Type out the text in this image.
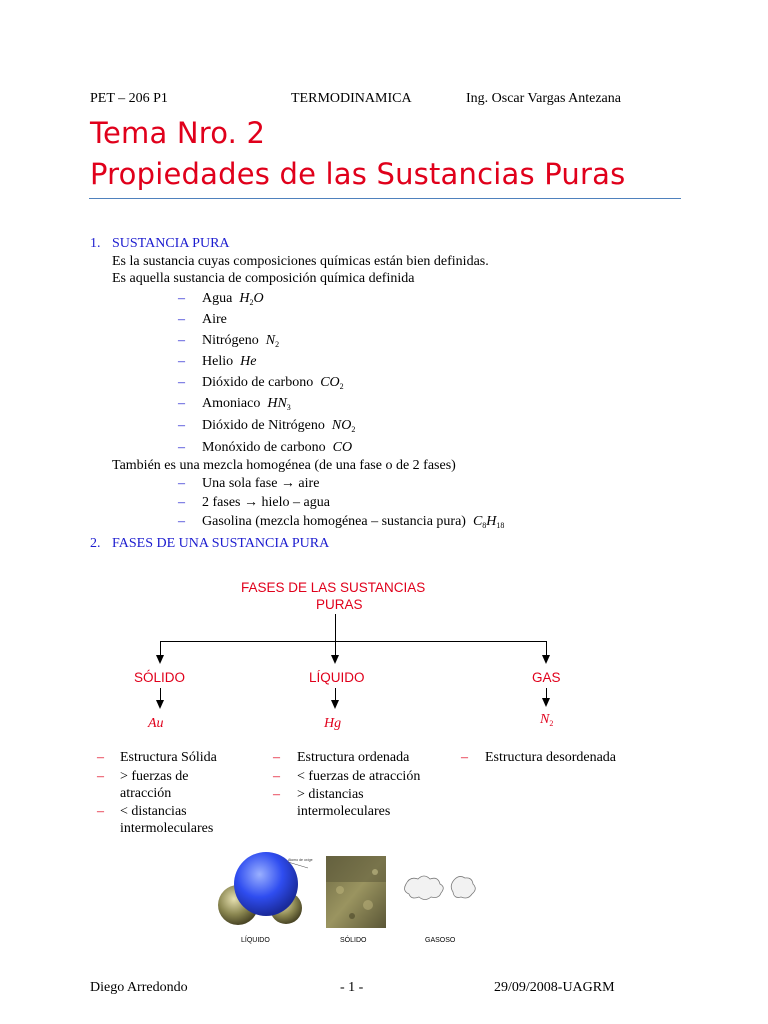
PET – 206 P1	TERMODINAMICA	Ing. Oscar Vargas Antezana
Tema Nro. 2
Propiedades de las Sustancias Puras
1. SUSTANCIA PURA
Es la sustancia cuyas composiciones químicas están bien definidas.
Es aquella sustancia de composición química definida
– Agua $H_2O$
– Aire
– Nitrógeno $N_2$
– Helio He
– Dióxido de carbono $CO_2$
– Amoniaco $HN_3$
– Dióxido de Nitrógeno $NO_2$
– Monóxido de carbono CO
También es una mezcla homogénea (de una fase o de 2 fases)
– Una sola fase → aire
– 2 fases → hielo – agua
– Gasolina (mezcla homogénea – sustancia pura) $C_8H_{18}$
2. FASES DE UNA SUSTANCIA PURA
FASES DE LAS SUSTANCIAS
PURAS
SÓLIDO	LÍQUIDO	GAS
Au	Hg	$N_2$
– Estructura Sólida
– > fuerzas de
atracción
– < distancias
intermoleculares
– Estructura ordenada
– < fuerzas de atracción
– > distancias
intermoleculares
– Estructura desordenada
Atomo de oxíge
LÍQUIDO	SÓLIDO	GASOSO
Diego Arredondo	- 1 -	29/09/2008-UAGRM
